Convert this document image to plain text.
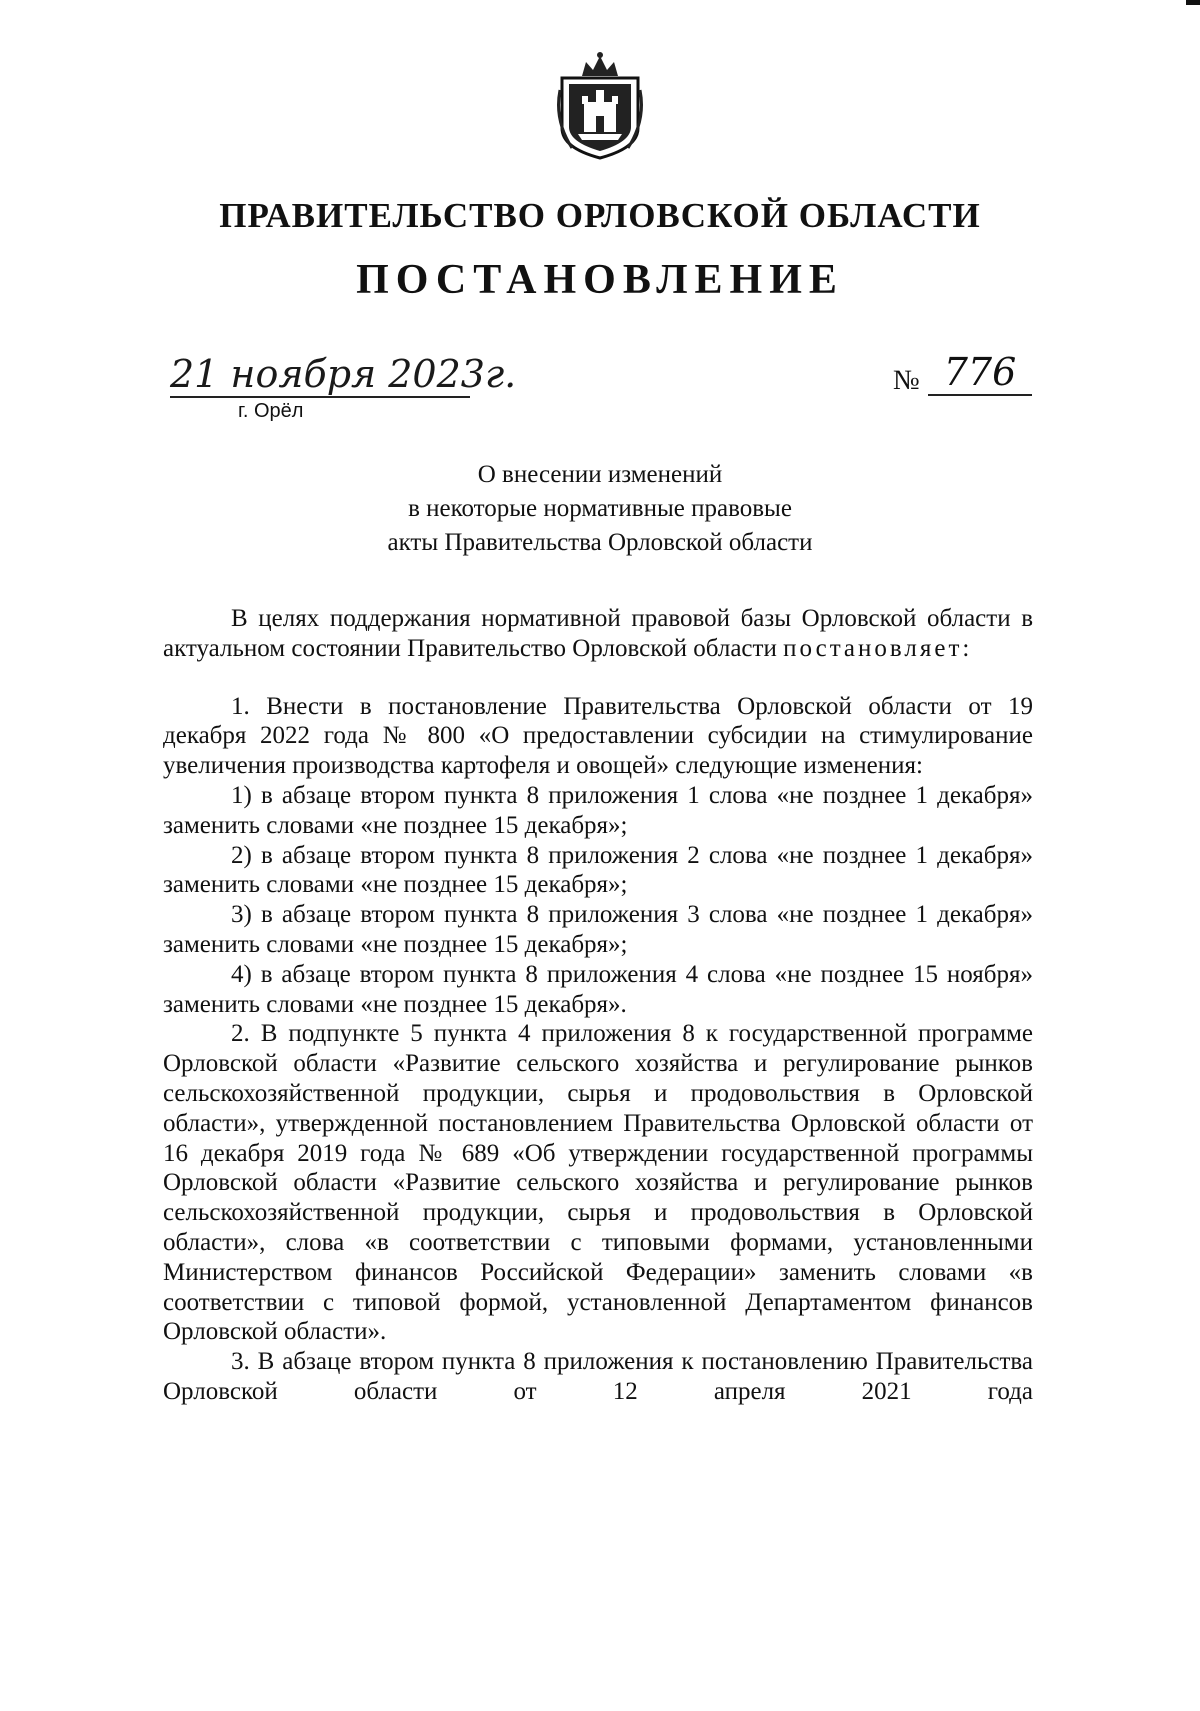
ПРАВИТЕЛЬСТВО ОРЛОВСКОЙ ОБЛАСТИ
ПОСТАНОВЛЕНИЕ
21 ноября 2023г.
г. Орёл
№ 776
О внесении изменений
в некоторые нормативные правовые
акты Правительства Орловской области

В целях поддержания нормативной правовой базы Орловской области в актуальном состоянии Правительство Орловской области постановляет:

1. Внести в постановление Правительства Орловской области от 19 декабря 2022 года № 800 «О предоставлении субсидии на стимулирование увеличения производства картофеля и овощей» следующие изменения:

1) в абзаце втором пункта 8 приложения 1 слова «не позднее 1 декабря» заменить словами «не позднее 15 декабря»;

2) в абзаце втором пункта 8 приложения 2 слова «не позднее 1 декабря» заменить словами «не позднее 15 декабря»;

3) в абзаце втором пункта 8 приложения 3 слова «не позднее 1 декабря» заменить словами «не позднее 15 декабря»;

4) в абзаце втором пункта 8 приложения 4 слова «не позднее 15 ноября» заменить словами «не позднее 15 декабря».

2. В подпункте 5 пункта 4 приложения 8 к государственной программе Орловской области «Развитие сельского хозяйства и регулирование рынков сельскохозяйственной продукции, сырья и продовольствия в Орловской области», утвержденной постановлением Правительства Орловской области от 16 декабря 2019 года № 689 «Об утверждении государственной программы Орловской области «Развитие сельского хозяйства и регулирование рынков сельскохозяйственной продукции, сырья и продовольствия в Орловской области», слова «в соответствии с типовыми формами, установленными Министерством финансов Российской Федерации» заменить словами «в соответствии с типовой формой, установленной Департаментом финансов Орловской области».

3. В абзаце втором пункта 8 приложения к постановлению Правительства Орловской области от 12 апреля 2021 года
